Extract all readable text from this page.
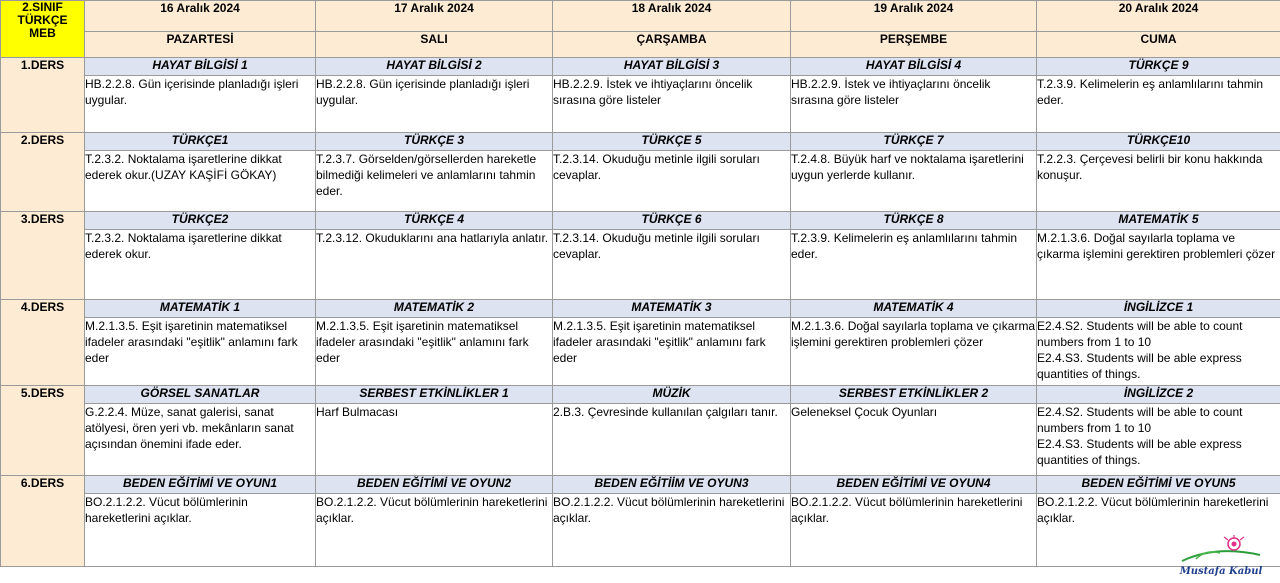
2.SINIF
TÜRKÇE
MEB	16 Aralık 2024	17 Aralık 2024	18 Aralık 2024	19 Aralık 2024	20 Aralık 2024
	PAZARTESİ	SALI	ÇARŞAMBA	PERŞEMBE	CUMA
1.DERS	HAYAT BİLGİSİ 1	HAYAT BİLGİSİ 2	HAYAT BİLGİSİ 3	HAYAT BİLGİSİ 4	TÜRKÇE 9
	HB.2.2.8. Gün içerisinde planladığı işleri uygular.	HB.2.2.8. Gün içerisinde planladığı işleri uygular.	HB.2.2.9. İstek ve ihtiyaçlarını öncelik sırasına göre listeler	HB.2.2.9. İstek ve ihtiyaçlarını öncelik sırasına göre listeler	T.2.3.9. Kelimelerin eş anlamlılarını tahmin eder.
2.DERS	TÜRKÇE1	TÜRKÇE 3	TÜRKÇE 5	TÜRKÇE 7	TÜRKÇE10
	T.2.3.2. Noktalama işaretlerine dikkat ederek okur.(UZAY KAŞİFİ GÖKAY)	T.2.3.7. Görselden/görsellerden hareketle bilmediği kelimeleri ve anlamlarını tahmin eder.	T.2.3.14. Okuduğu metinle ilgili soruları cevaplar.	T.2.4.8. Büyük harf ve noktalama işaretlerini uygun yerlerde kullanır.	T.2.2.3. Çerçevesi belirli bir konu hakkında konuşur.
3.DERS	TÜRKÇE2	TÜRKÇE 4	TÜRKÇE 6	TÜRKÇE 8	MATEMATİK 5
	T.2.3.2. Noktalama işaretlerine dikkat ederek okur.	T.2.3.12. Okuduklarını ana hatlarıyla anlatır.	T.2.3.14. Okuduğu metinle ilgili soruları cevaplar.	T.2.3.9. Kelimelerin eş anlamlılarını tahmin eder.	M.2.1.3.6. Doğal sayılarla toplama ve çıkarma işlemini gerektiren problemleri çözer
4.DERS	MATEMATİK 1	MATEMATİK 2	MATEMATİK 3	MATEMATİK 4	İNGİLİZCE 1
	M.2.1.3.5. Eşit işaretinin matematiksel ifadeler arasındaki "eşitlik" anlamını fark eder	M.2.1.3.5. Eşit işaretinin matematiksel ifadeler arasındaki "eşitlik" anlamını fark eder	M.2.1.3.5. Eşit işaretinin matematiksel ifadeler arasındaki "eşitlik" anlamını fark eder	M.2.1.3.6. Doğal sayılarla toplama ve çıkarma işlemini gerektiren problemleri çözer	E2.4.S2. Students will be able to count numbers from 1 to 10
E2.4.S3. Students will be able express quantities of things.

5.DERS	GÖRSEL SANATLAR	SERBEST ETKİNLİKLER 1	MÜZİK	SERBEST ETKİNLİKLER 2	İNGİLİZCE 2
	G.2.2.4. Müze, sanat galerisi, sanat atölyesi, ören yeri vb. mekânların sanat açısından önemini ifade eder.	Harf Bulmacası	2.B.3. Çevresinde kullanılan çalgıları tanır.	Geleneksel Çocuk Oyunları	E2.4.S2. Students will be able to count numbers from 1 to 10
E2.4.S3. Students will be able express quantities of things.

6.DERS	BEDEN EĞİTİMİ VE OYUN1	BEDEN EĞİTİMİ VE OYUN2	BEDEN EĞİTİİM VE OYUN3	BEDEN EĞİTİMİ VE OYUN4	BEDEN EĞİTİMİ VE OYUN5
	BO.2.1.2.2. Vücut bölümlerinin hareketlerini açıklar.	BO.2.1.2.2. Vücut bölümlerinin hareketlerini açıklar.	BO.2.1.2.2. Vücut bölümlerinin hareketlerini açıklar.	BO.2.1.2.2. Vücut bölümlerinin hareketlerini açıklar.	BO.2.1.2.2. Vücut bölümlerinin hareketlerini açıklar.
Mustafa Kabul
